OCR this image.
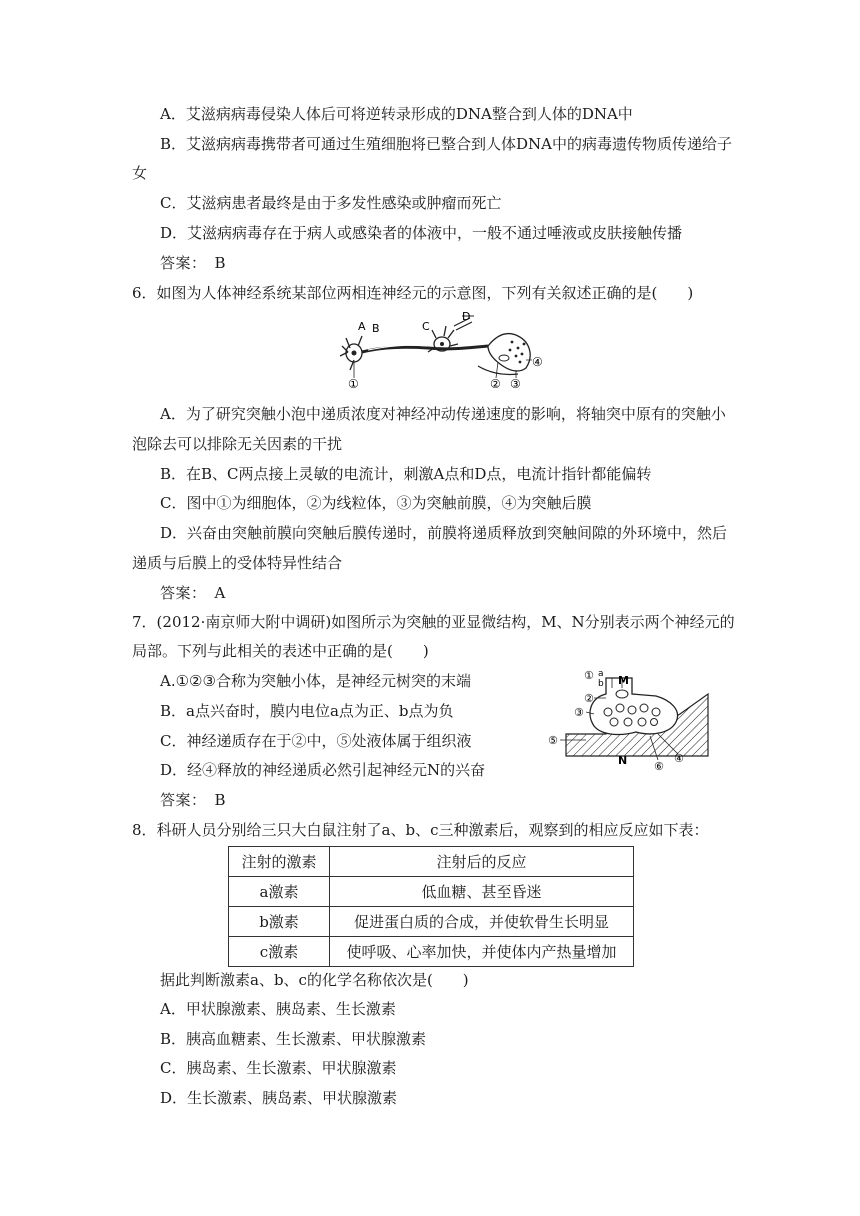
A．艾滋病病毒侵染人体后可将逆转录形成的DNA整合到人体的DNA中
B．艾滋病病毒携带者可通过生殖细胞将已整合到人体DNA中的病毒遗传物质传递给子
女
C．艾滋病患者最终是由于多发性感染或肿瘤而死亡
D．艾滋病病毒存在于病人或感染者的体液中，一般不通过唾液或皮肤接触传播
答案：　B
6．如图为人体神经系统某部位两相连神经元的示意图，下列有关叙述正确的是(　　)
A B	C
D
①	② ③
④
A．为了研究突触小泡中递质浓度对神经冲动传递速度的影响，将轴突中原有的突触小
泡除去可以排除无关因素的干扰
B．在B、C两点接上灵敏的电流计，刺激A点和D点，电流计指针都能偏转
C．图中①为细胞体，②为线粒体，③为突触前膜，④为突触后膜
D．兴奋由突触前膜向突触后膜传递时，前膜将递质释放到突触间隙的外环境中，然后
递质与后膜上的受体特异性结合
答案：　A
7．(2012·南京师大附中调研)如图所示为突触的亚显微结构，M、N分别表示两个神经元的
局部。下列与此相关的表述中正确的是(　　)
A.①②③合称为突触小体，是神经元树突的末端
B．a点兴奋时，膜内电位a点为正、b点为负
C．神经递质存在于②中，⑤处液体属于组织液
D．经④释放的神经递质必然引起神经元N的兴奋
① a
b M
②
③
⑤
N ⑥
④
答案：　B
8．科研人员分别给三只大白鼠注射了a、b、c三种激素后，观察到的相应反应如下表：
注射的激素	注射后的反应
a激素	低血糖、甚至昏迷
b激素	促进蛋白质的合成，并使软骨生长明显
c激素	使呼吸、心率加快，并使体内产热量增加
据此判断激素a、b、c的化学名称依次是(　　)
A．甲状腺激素、胰岛素、生长激素
B．胰高血糖素、生长激素、甲状腺激素
C．胰岛素、生长激素、甲状腺激素
D．生长激素、胰岛素、甲状腺激素
